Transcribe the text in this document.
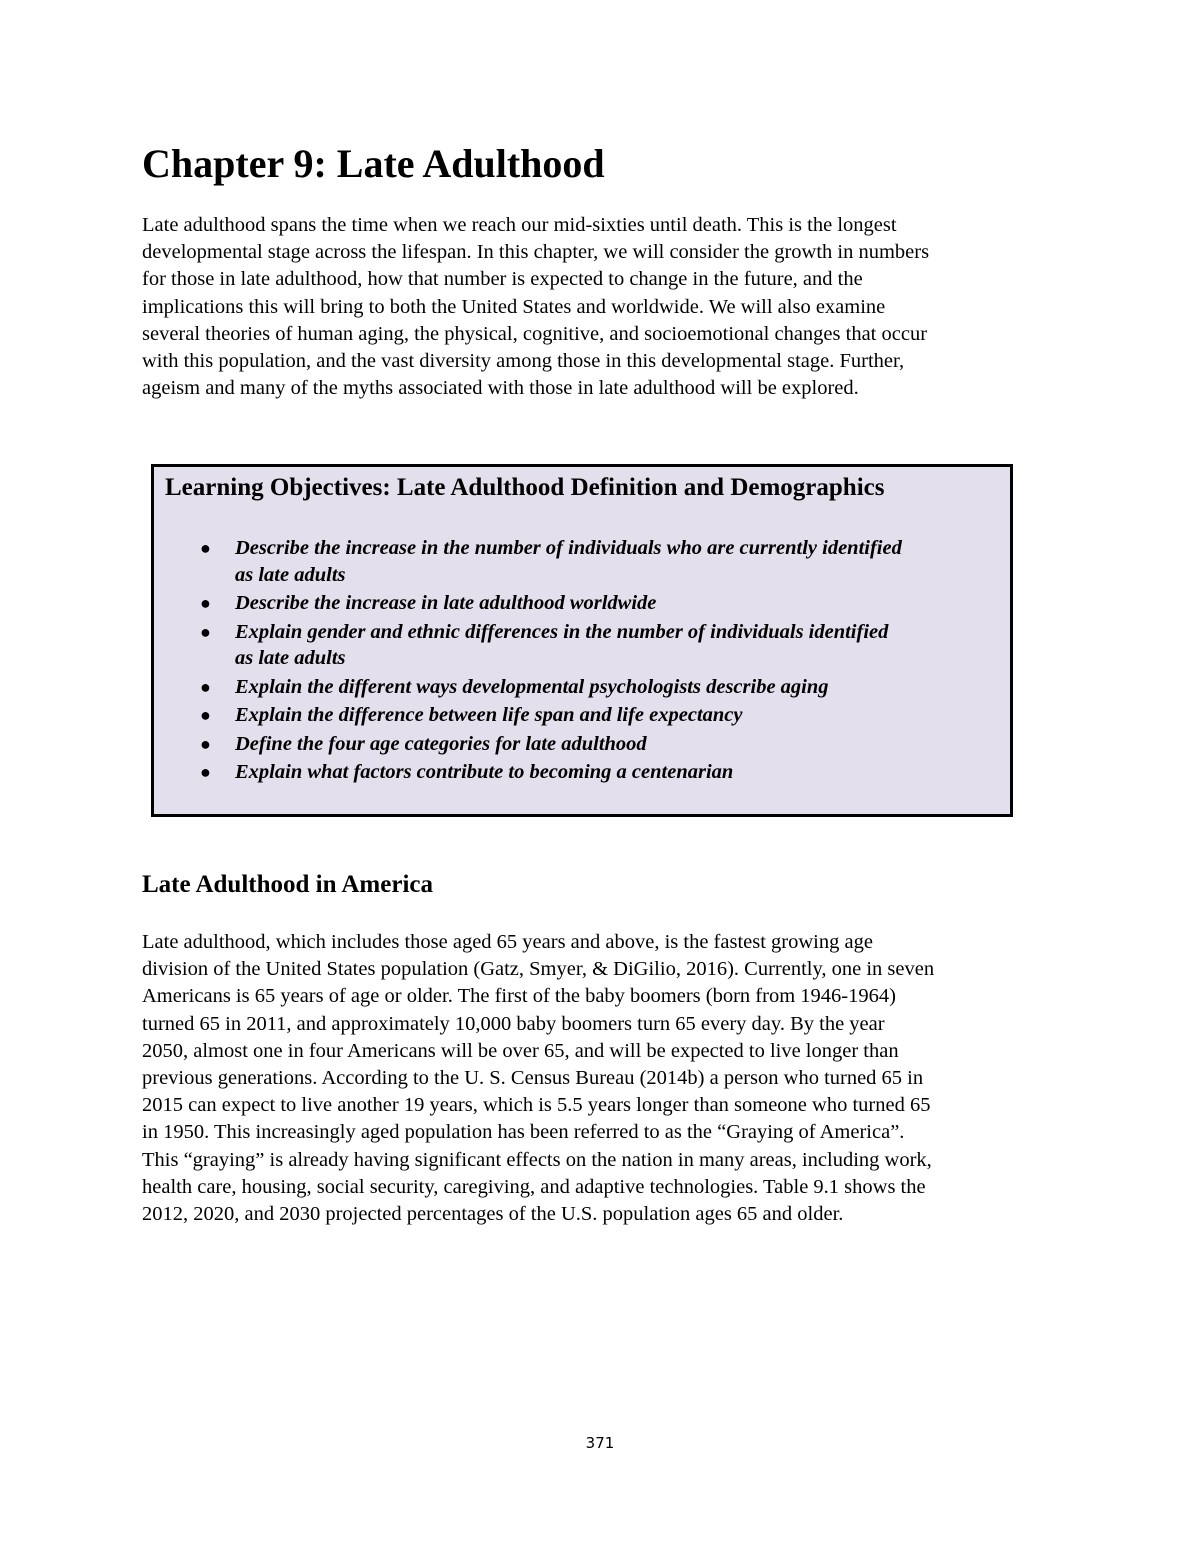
Chapter 9: Late Adulthood

Late adulthood spans the time when we reach our mid-sixties until death. This is the longest
developmental stage across the lifespan. In this chapter, we will consider the growth in numbers
for those in late adulthood, how that number is expected to change in the future, and the
implications this will bring to both the United States and worldwide. We will also examine
several theories of human aging, the physical, cognitive, and socioemotional changes that occur
with this population, and the vast diversity among those in this developmental stage. Further,
ageism and many of the myths associated with those in late adulthood will be explored.

Learning Objectives: Late Adulthood Definition and Demographics
● Describe the increase in the number of individuals who are currently identified
as late adults
● Describe the increase in late adulthood worldwide
● Explain gender and ethnic differences in the number of individuals identified
as late adults
● Explain the different ways developmental psychologists describe aging
● Explain the difference between life span and life expectancy
● Define the four age categories for late adulthood
● Explain what factors contribute to becoming a centenarian
Late Adulthood in America

Late adulthood, which includes those aged 65 years and above, is the fastest growing age
division of the United States population (Gatz, Smyer, & DiGilio, 2016). Currently, one in seven
Americans is 65 years of age or older. The first of the baby boomers (born from 1946-1964)
turned 65 in 2011, and approximately 10,000 baby boomers turn 65 every day. By the year
2050, almost one in four Americans will be over 65, and will be expected to live longer than
previous generations. According to the U. S. Census Bureau (2014b) a person who turned 65 in
2015 can expect to live another 19 years, which is 5.5 years longer than someone who turned 65
in 1950. This increasingly aged population has been referred to as the “Graying of America”.
This “graying” is already having significant effects on the nation in many areas, including work,
health care, housing, social security, caregiving, and adaptive technologies. Table 9.1 shows the
2012, 2020, and 2030 projected percentages of the U.S. population ages 65 and older.

371
